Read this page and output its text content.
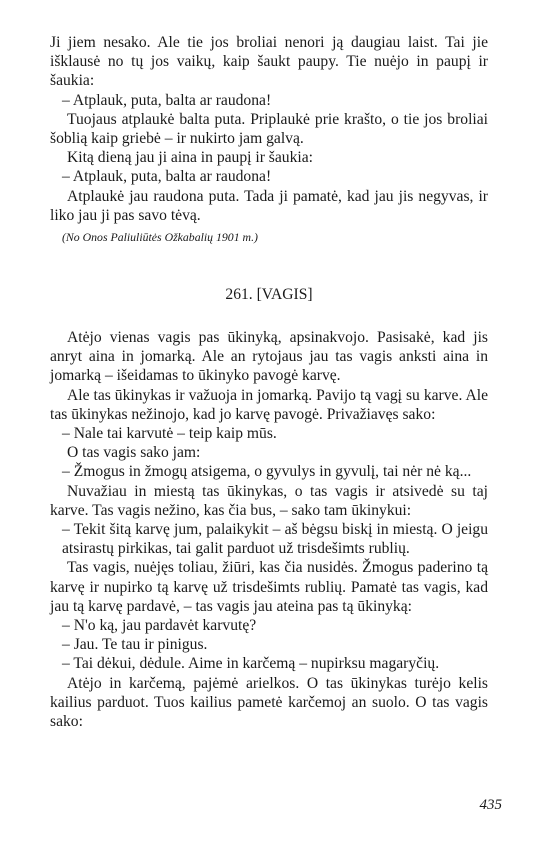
Ji jiem nesako. Ale tie jos broliai nenori ją daugiau laist. Tai jie išklausė no tų jos vaikų, kaip šaukt paupy. Tie nuėjo in paupį ir šaukia:

– Atplauk, puta, balta ar raudona!

Tuojaus atplaukė balta puta. Priplaukė prie krašto, o tie jos broliai šoblią kaip griebė – ir nukirto jam galvą.

Kitą dieną jau ji aina in paupį ir šaukia:

– Atplauk, puta, balta ar raudona!

Atplaukė jau raudona puta. Tada ji pamatė, kad jau jis negyvas, ir liko jau ji pas savo tėvą.

(No Onos Paliuliūtės Ožkabalių 1901 m.)

261. [VAGIS]

Atėjo vienas vagis pas ūkinyką, apsinakvojo. Pasisakė, kad jis anryt aina in jomarką. Ale an rytojaus jau tas vagis anksti aina in jomarką – išeidamas to ūkinyko pavogė karvę.

Ale tas ūkinykas ir važuoja in jomarką. Pavijo tą vagį su karve. Ale tas ūkinykas nežinojo, kad jo karvę pavogė. Privažiavęs sako:

– Nale tai karvutė – teip kaip mūs.

O tas vagis sako jam:

– Žmogus in žmogų atsigema, o gyvulys in gyvulį, tai nėr nė ką...

Nuvažiau in miestą tas ūkinykas, o tas vagis ir atsivedė su taj karve. Tas vagis nežino, kas čia bus, – sako tam ūkinykui:

– Tekit šitą karvę jum, palaikykit – aš bėgsu biskį in miestą. O jeigu atsirastų pirkikas, tai galit parduot už trisdešimts rublių.

Tas vagis, nuėjęs toliau, žiūri, kas čia nusidės. Žmogus paderino tą karvę ir nupirko tą karvę už trisdešimts rublių. Pamatė tas vagis, kad jau tą karvę pardavė, – tas vagis jau ateina pas tą ūkinyką:

– N'o ką, jau pardavėt karvutę?

– Jau. Te tau ir pinigus.

– Tai dėkui, dėdule. Aime in karčemą – nupirksu magaryčių.

Atėjo in karčemą, pajėmė arielkos. O tas ūkinykas turėjo kelis kailius parduot. Tuos kailius pametė karčemoj an suolo. O tas vagis sako:

435
